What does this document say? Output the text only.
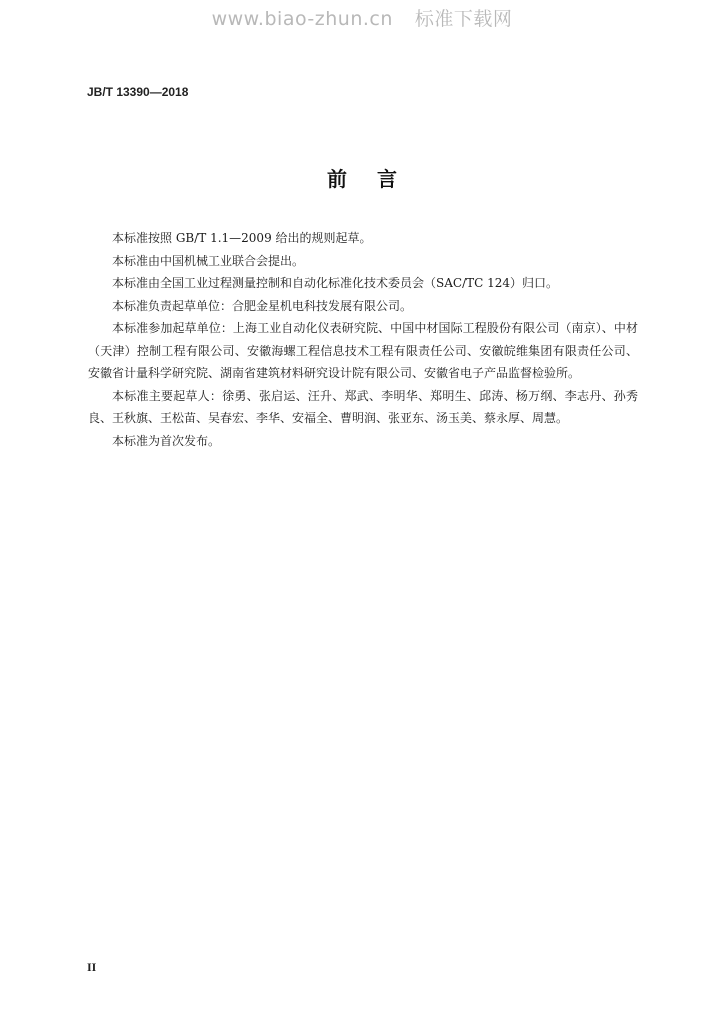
www.biao-zhun.cn 标准下载网
JB/T 13390—2018
前言

本标准按照 GB/T 1.1—2009 给出的规则起草。

本标准由中国机械工业联合会提出。

本标准由全国工业过程测量控制和自动化标准化技术委员会（SAC/TC 124）归口。

本标准负责起草单位：合肥金星机电科技发展有限公司。

本标准参加起草单位：上海工业自动化仪表研究院、中国中材国际工程股份有限公司（南京）、中材（天津）控制工程有限公司、安徽海螺工程信息技术工程有限责任公司、安徽皖维集团有限责任公司、安徽省计量科学研究院、湖南省建筑材料研究设计院有限公司、安徽省电子产品监督检验所。

本标准主要起草人：徐勇、张启运、汪升、郑武、李明华、郑明生、邱涛、杨万纲、李志丹、孙秀良、王秋旗、王松苗、吴春宏、李华、安福全、曹明润、张亚东、汤玉美、蔡永厚、周慧。

本标准为首次发布。

II
